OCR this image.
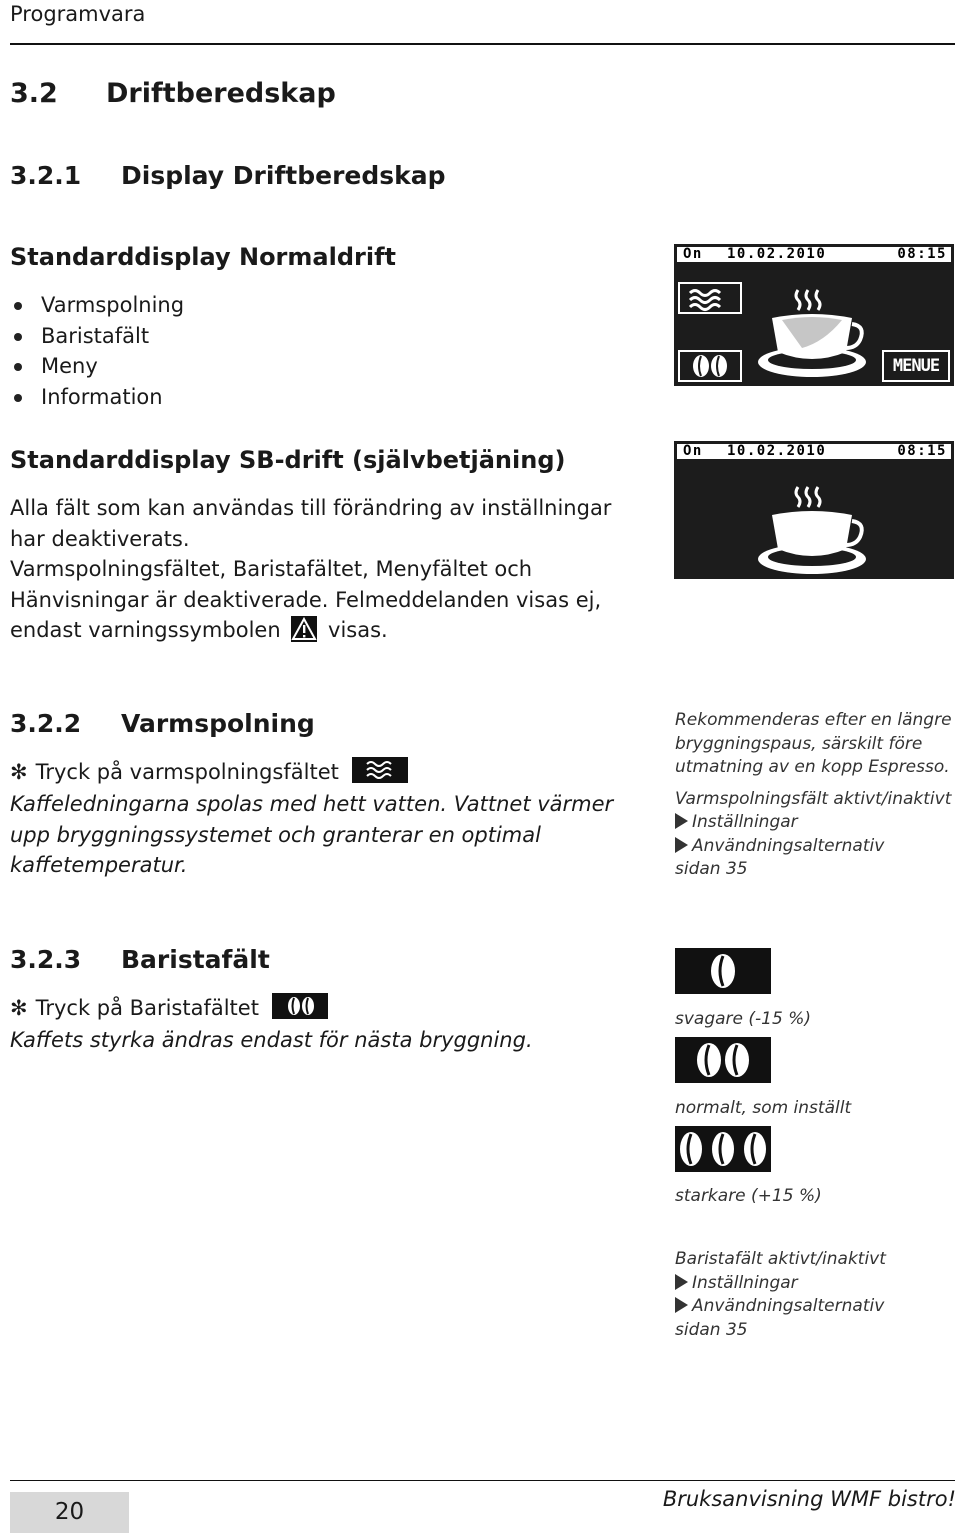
Programvara
3.2 Driftberedskap
3.2.1 Display Driftberedskap
Standarddisplay Normaldrift
Varmspolning
Baristafält
Meny
Information
Standarddisplay SB-drift (självbetjäning)
Alla fält som kan användas till förändring av inställningar
har deaktiverats.
Varmspolningsfältet, Baristafältet, Menyfältet och
Hänvisningar är deaktiverade. Felmeddelanden visas ej,
endast varningssymbolen visas.
On 10.02.2010	08:15
MENUE
On 10.02.2010	08:15
3.2.2 Varmspolning
✻ Tryck på varmspolningsfältet
Kaffeledningarna spolas med hett vatten. Vattnet värmer
upp bryggningssystemet och granterar en optimal
kaffetemperatur.
Rekommenderas efter en längre
bryggningspaus, särskilt före
utmatning av en kopp Espresso.
Varmspolningsfält aktivt/inaktivt
Inställningar
Användningsalternativ
sidan 35
3.2.3 Baristafält
✻ Tryck på Baristafältet
Kaffets styrka ändras endast för nästa bryggning.
svagare (-15 %)
normalt, som inställt
starkare (+15 %)
Baristafält aktivt/inaktivt
Inställningar
Användningsalternativ
sidan 35
20	Bruksanvisning WMF bistro!
